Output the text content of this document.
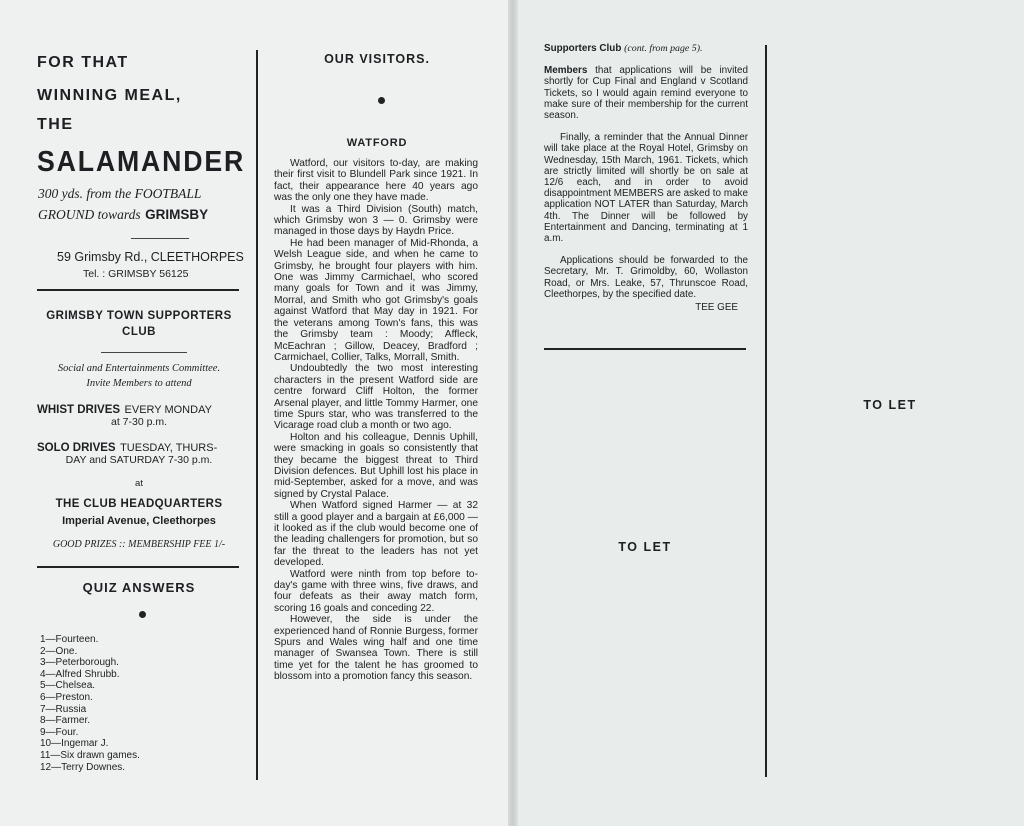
FOR THAT
WINNING MEAL,
THE
SALAMANDER
300 yds. from the FOOTBALL
GROUND towards GRIMSBY
59 Grimsby Rd., CLEETHORPES
Tel. : GRIMSBY 56125
GRIMSBY TOWN SUPPORTERS
CLUB
Social and Entertainments Committee.
Invite Members to attend
WHIST DRIVES EVERY MONDAY
at 7-30 p.m.
SOLO DRIVES TUESDAY, THURS-
DAY and SATURDAY 7-30 p.m.
at
THE CLUB HEADQUARTERS
Imperial Avenue, Cleethorpes
GOOD PRIZES :: MEMBERSHIP FEE 1/-
QUIZ ANSWERS
1—Fourteen.
2—One.
3—Peterborough.
4—Alfred Shrubb.
5—Chelsea.
6—Preston.
7—Russia
8—Farmer.
9—Four.
10—Ingemar J.
11—Six drawn games.
12—Terry Downes.
OUR VISITORS.
WATFORD

Watford, our visitors to-day, are making their first visit to Blundell Park since 1921. In fact, their appearance here 40 years ago was the only one they have made.

It was a Third Division (South) match, which Grimsby won 3 — 0. Grimsby were managed in those days by Haydn Price.

He had been manager of Mid-Rhonda, a Welsh League side, and when he came to Grimsby, he brought four players with him. One was Jimmy Carmichael, who scored many goals for Town and it was Jimmy, Morral, and Smith who got Grimsby's goals against Watford that May day in 1921. For the veterans among Town's fans, this was the Grimsby team : Moody; Affleck, McEachran ; Gillow, Deacey, Bradford ; Carmichael, Collier, Talks, Morrall, Smith.

Undoubtedly the two most interesting characters in the present Watford side are centre forward Cliff Holton, the former Arsenal player, and little Tommy Harmer, one time Spurs star, who was transferred to the Vicarage road club a month or two ago.

Holton and his colleague, Dennis Uphill, were smacking in goals so consistently that they became the biggest threat to Third Division defences. But Uphill lost his place in mid-September, asked for a move, and was signed by Crystal Palace.

When Watford signed Harmer — at 32 still a good player and a bargain at £6,000 — it looked as if the club would become one of the leading challengers for promotion, but so far the threat to the leaders has not yet developed.

Watford were ninth from top before to-day's game with three wins, five draws, and four defeats as their away match form, scoring 16 goals and conceding 22.

However, the side is under the experienced hand of Ronnie Burgess, former Spurs and Wales wing half and one time manager of Swansea Town. There is still time yet for the talent he has groomed to blossom into a promotion fancy this season.

Supporters Club (cont. from page 5).

Members that applications will be invited shortly for Cup Final and England v Scotland Tickets, so I would again remind everyone to make sure of their membership for the current season.

Finally, a reminder that the Annual Dinner will take place at the Royal Hotel, Grimsby on Wednesday, 15th March, 1961. Tickets, which are strictly limited will shortly be on sale at 12/6 each, and in order to avoid disappointment MEMBERS are asked to make application NOT LATER than Saturday, March 4th. The Dinner will be followed by Entertainment and Dancing, terminating at 1 a.m.

Applications should be forwarded to the Secretary, Mr. T. Grimoldby, 60, Wollaston Road, or Mrs. Leake, 57, Thrunscoe Road, Cleethorpes, by the specified date.

TEE GEE
TO LET
TO LET
